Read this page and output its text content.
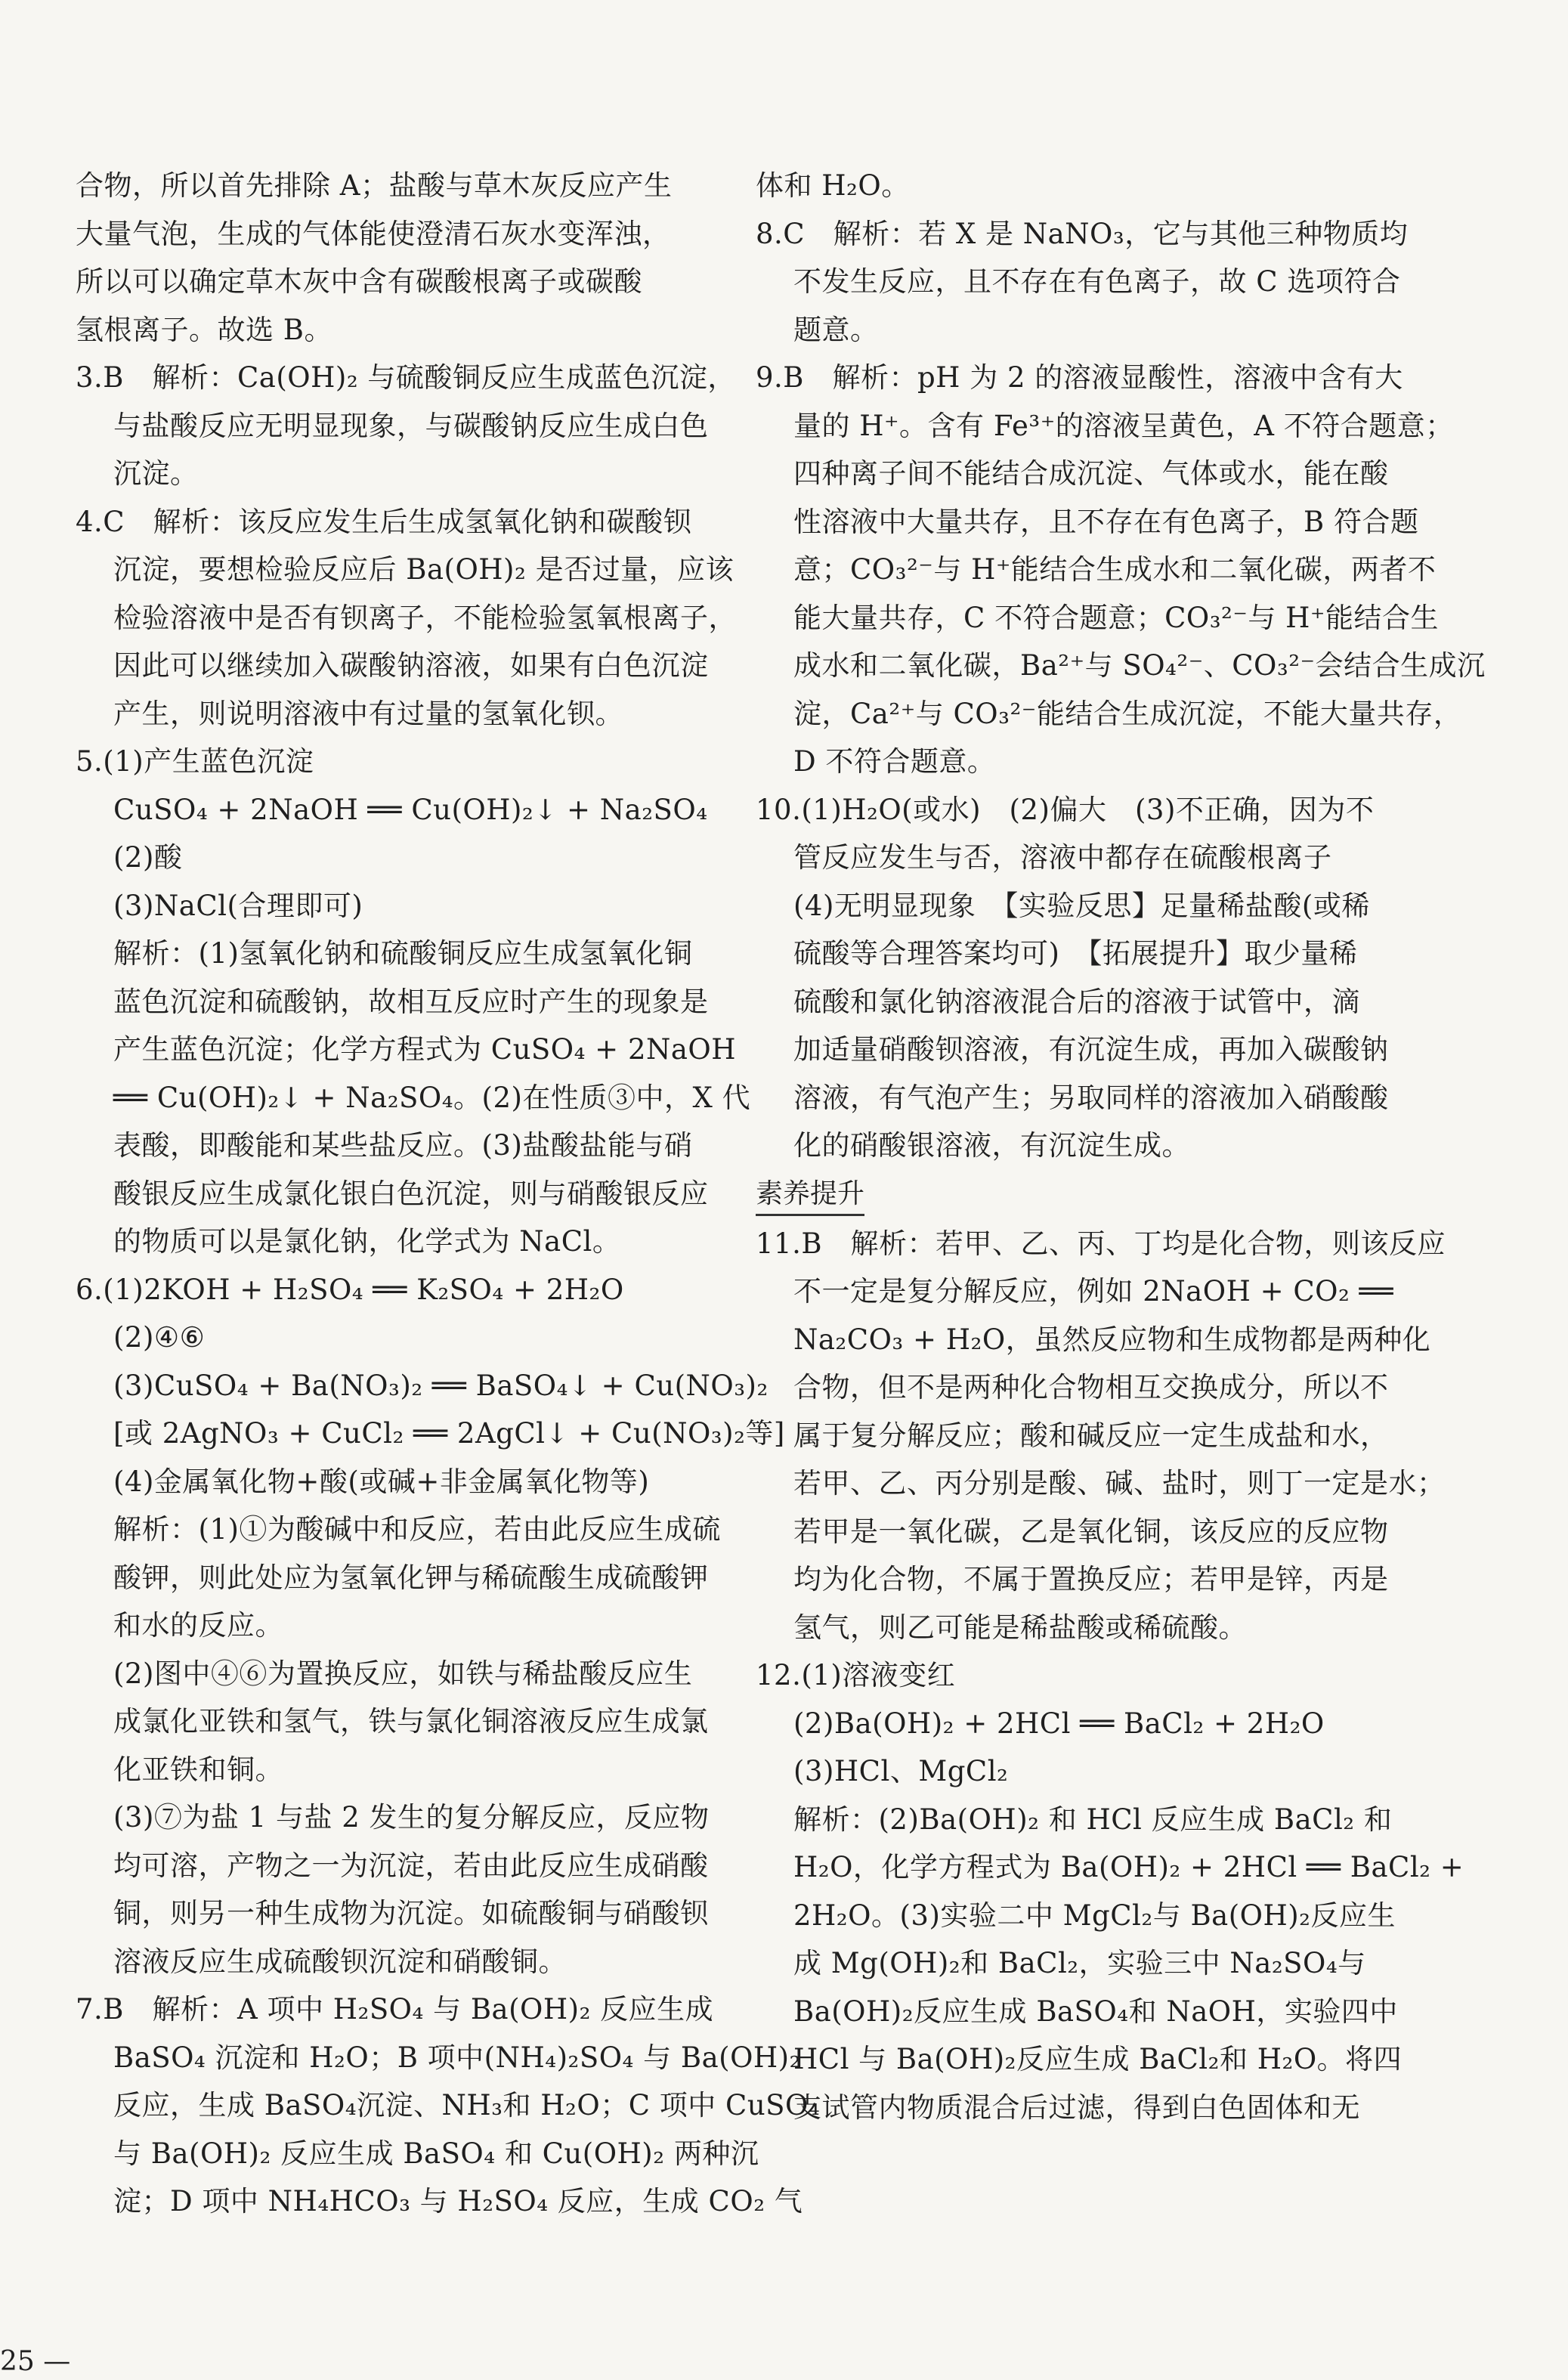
合物，所以首先排除 A；盐酸与草木灰反应产生
大量气泡，生成的气体能使澄清石灰水变浑浊，
所以可以确定草木灰中含有碳酸根离子或碳酸
氢根离子。故选 B。
3.B　解析：Ca(OH)₂ 与硫酸铜反应生成蓝色沉淀，
与盐酸反应无明显现象，与碳酸钠反应生成白色
沉淀。
4.C　解析：该反应发生后生成氢氧化钠和碳酸钡
沉淀，要想检验反应后 Ba(OH)₂ 是否过量，应该
检验溶液中是否有钡离子，不能检验氢氧根离子，
因此可以继续加入碳酸钠溶液，如果有白色沉淀
产生，则说明溶液中有过量的氢氧化钡。
5.(1)产生蓝色沉淀
CuSO₄ + 2NaOH ══ Cu(OH)₂↓ + Na₂SO₄
(2)酸
(3)NaCl(合理即可)
解析：(1)氢氧化钠和硫酸铜反应生成氢氧化铜
蓝色沉淀和硫酸钠，故相互反应时产生的现象是
产生蓝色沉淀；化学方程式为 CuSO₄ + 2NaOH
══ Cu(OH)₂↓ + Na₂SO₄。(2)在性质③中，X 代
表酸，即酸能和某些盐反应。(3)盐酸盐能与硝
酸银反应生成氯化银白色沉淀，则与硝酸银反应
的物质可以是氯化钠，化学式为 NaCl。
6.(1)2KOH + H₂SO₄ ══ K₂SO₄ + 2H₂O
(2)④⑥
(3)CuSO₄ + Ba(NO₃)₂ ══ BaSO₄↓ + Cu(NO₃)₂
[或 2AgNO₃ + CuCl₂ ══ 2AgCl↓ + Cu(NO₃)₂等]
(4)金属氧化物+酸(或碱+非金属氧化物等)
解析：(1)①为酸碱中和反应，若由此反应生成硫
酸钾，则此处应为氢氧化钾与稀硫酸生成硫酸钾
和水的反应。
(2)图中④⑥为置换反应，如铁与稀盐酸反应生
成氯化亚铁和氢气，铁与氯化铜溶液反应生成氯
化亚铁和铜。
(3)⑦为盐 1 与盐 2 发生的复分解反应，反应物
均可溶，产物之一为沉淀，若由此反应生成硝酸
铜，则另一种生成物为沉淀。如硫酸铜与硝酸钡
溶液反应生成硫酸钡沉淀和硝酸铜。
7.B　解析：A 项中 H₂SO₄ 与 Ba(OH)₂ 反应生成
BaSO₄ 沉淀和 H₂O；B 项中(NH₄)₂SO₄ 与 Ba(OH)₂
反应，生成 BaSO₄沉淀、NH₃和 H₂O；C 项中 CuSO₄
与 Ba(OH)₂ 反应生成 BaSO₄ 和 Cu(OH)₂ 两种沉
淀；D 项中 NH₄HCO₃ 与 H₂SO₄ 反应，生成 CO₂ 气
体和 H₂O。
8.C　解析：若 X 是 NaNO₃，它与其他三种物质均
不发生反应，且不存在有色离子，故 C 选项符合
题意。
9.B　解析：pH 为 2 的溶液显酸性，溶液中含有大
量的 H⁺。含有 Fe³⁺的溶液呈黄色，A 不符合题意；
四种离子间不能结合成沉淀、气体或水，能在酸
性溶液中大量共存，且不存在有色离子，B 符合题
意；CO₃²⁻与 H⁺能结合生成水和二氧化碳，两者不
能大量共存，C 不符合题意；CO₃²⁻与 H⁺能结合生
成水和二氧化碳，Ba²⁺与 SO₄²⁻、CO₃²⁻会结合生成沉
淀，Ca²⁺与 CO₃²⁻能结合生成沉淀，不能大量共存，
D 不符合题意。
10.(1)H₂O(或水)　(2)偏大　(3)不正确，因为不
管反应发生与否，溶液中都存在硫酸根离子
(4)无明显现象　【实验反思】足量稀盐酸(或稀
硫酸等合理答案均可)　【拓展提升】取少量稀
硫酸和氯化钠溶液混合后的溶液于试管中，滴
加适量硝酸钡溶液，有沉淀生成，再加入碳酸钠
溶液，有气泡产生；另取同样的溶液加入硝酸酸
化的硝酸银溶液，有沉淀生成。
素养提升
11.B　解析：若甲、乙、丙、丁均是化合物，则该反应
不一定是复分解反应，例如 2NaOH + CO₂ ══
Na₂CO₃ + H₂O，虽然反应物和生成物都是两种化
合物，但不是两种化合物相互交换成分，所以不
属于复分解反应；酸和碱反应一定生成盐和水，
若甲、乙、丙分别是酸、碱、盐时，则丁一定是水；
若甲是一氧化碳，乙是氧化铜，该反应的反应物
均为化合物，不属于置换反应；若甲是锌，丙是
氢气，则乙可能是稀盐酸或稀硫酸。
12.(1)溶液变红
(2)Ba(OH)₂ + 2HCl ══ BaCl₂ + 2H₂O
(3)HCl、MgCl₂
解析：(2)Ba(OH)₂ 和 HCl 反应生成 BaCl₂ 和
H₂O，化学方程式为 Ba(OH)₂ + 2HCl ══ BaCl₂ +
2H₂O。(3)实验二中 MgCl₂与 Ba(OH)₂反应生
成 Mg(OH)₂和 BaCl₂，实验三中 Na₂SO₄与
Ba(OH)₂反应生成 BaSO₄和 NaOH，实验四中
HCl 与 Ba(OH)₂反应生成 BaCl₂和 H₂O。将四
支试管内物质混合后过滤，得到白色固体和无
25 —
